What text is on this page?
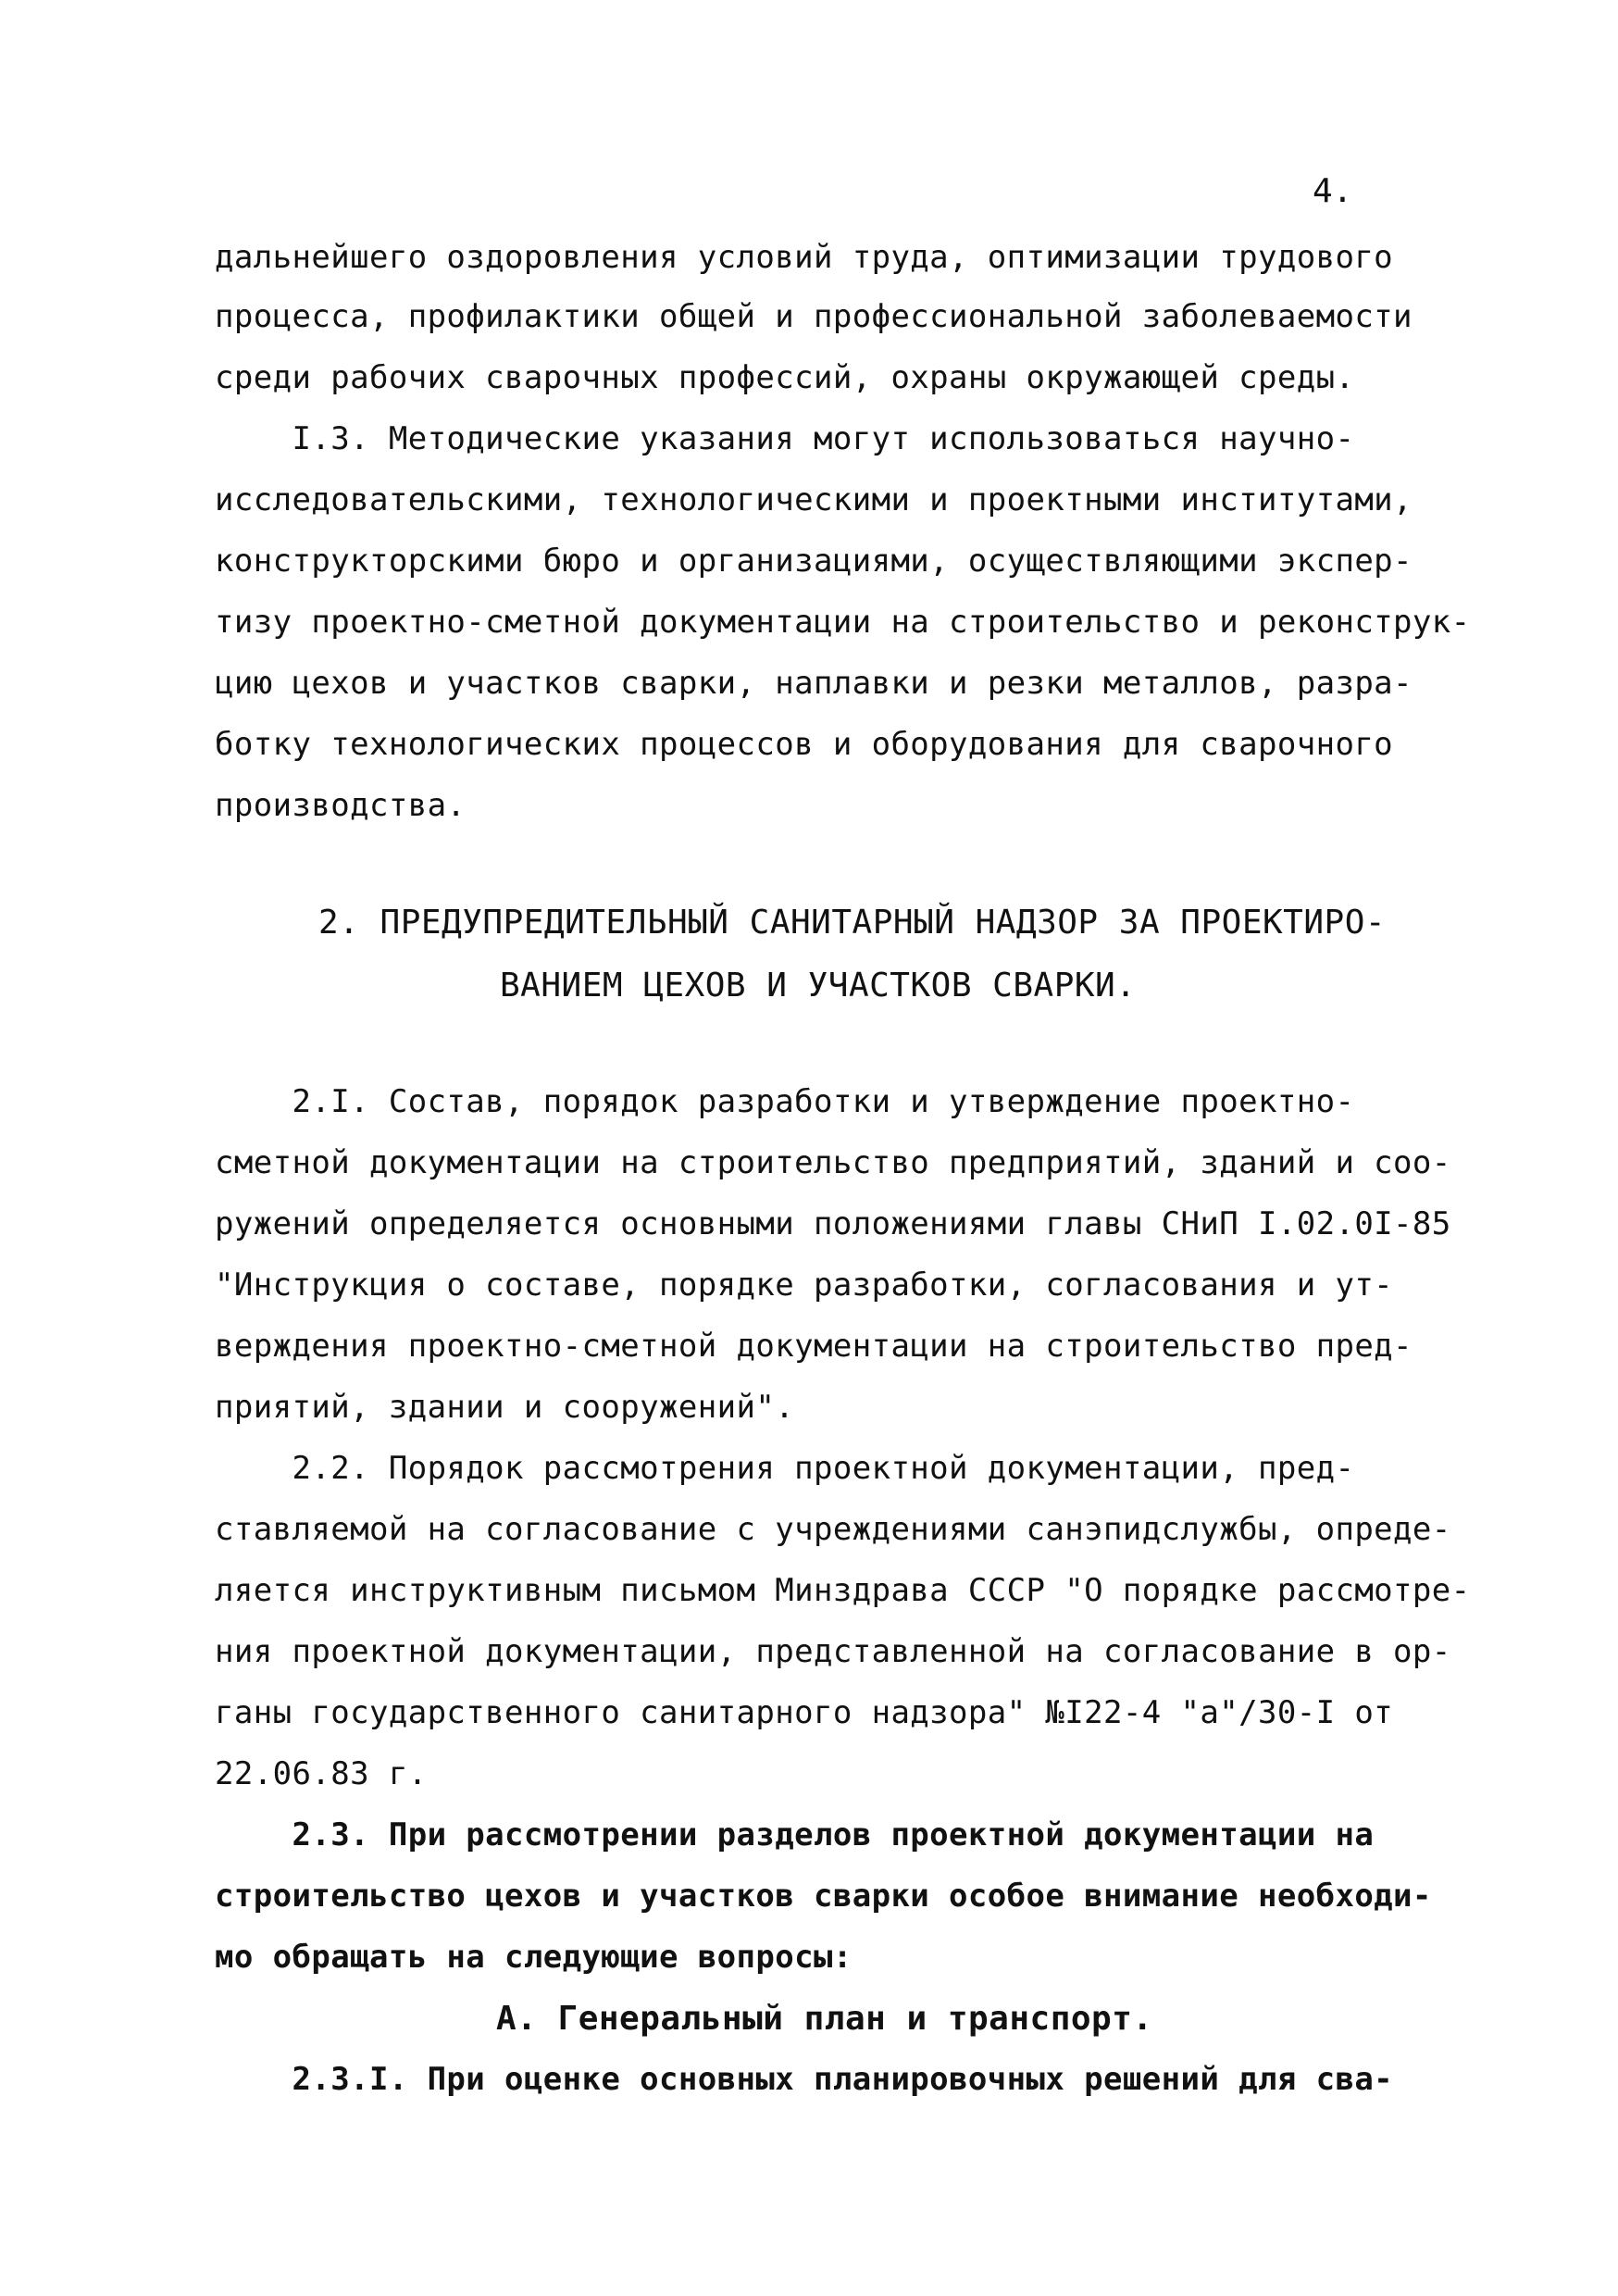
4.
дальнейшего оздоровления условий труда, оптимизации трудового
процесса, профилактики общей и профессиональной заболеваемости
среди рабочих сварочных профессий, охраны окружающей среды.
I.3. Методические указания могут использоваться научно-
исследовательскими, технологическими и проектными институтами,
конструкторскими бюро и организациями, осуществляющими экспер-
тизу проектно-сметной документации на строительство и реконструк-
цию цехов и участков сварки, наплавки и резки металлов, разра-
ботку технологических процессов и оборудования для сварочного
производства.
2. ПРЕДУПРЕДИТЕЛЬНЫЙ САНИТАРНЫЙ НАДЗОР ЗА ПРОЕКТИРО-
ВАНИЕМ ЦЕХОВ И УЧАСТКОВ СВАРКИ.
2.I. Состав, порядок разработки и утверждение проектно-
сметной документации на строительство предприятий, зданий и соо-
ружений определяется основными положениями главы СНиП I.02.0I-85
"Инструкция о составе, порядке разработки, согласования и ут-
верждения проектно-сметной документации на строительство пред-
приятий, здании и сооружений".
2.2. Порядок рассмотрения проектной документации, пред-
ставляемой на согласование с учреждениями санэпидслужбы, опреде-
ляется инструктивным письмом Минздрава СССР "О порядке рассмотре-
ния проектной документации, представленной на согласование в ор-
ганы государственного санитарного надзора" №I22-4 "а"/30-I от
22.06.83 г.
2.3. При рассмотрении разделов проектной документации на
строительство цехов и участков сварки особое внимание необходи-
мо обращать на следующие вопросы:
А. Генеральный план и транспорт.
2.3.I. При оценке основных планировочных решений для сва-
